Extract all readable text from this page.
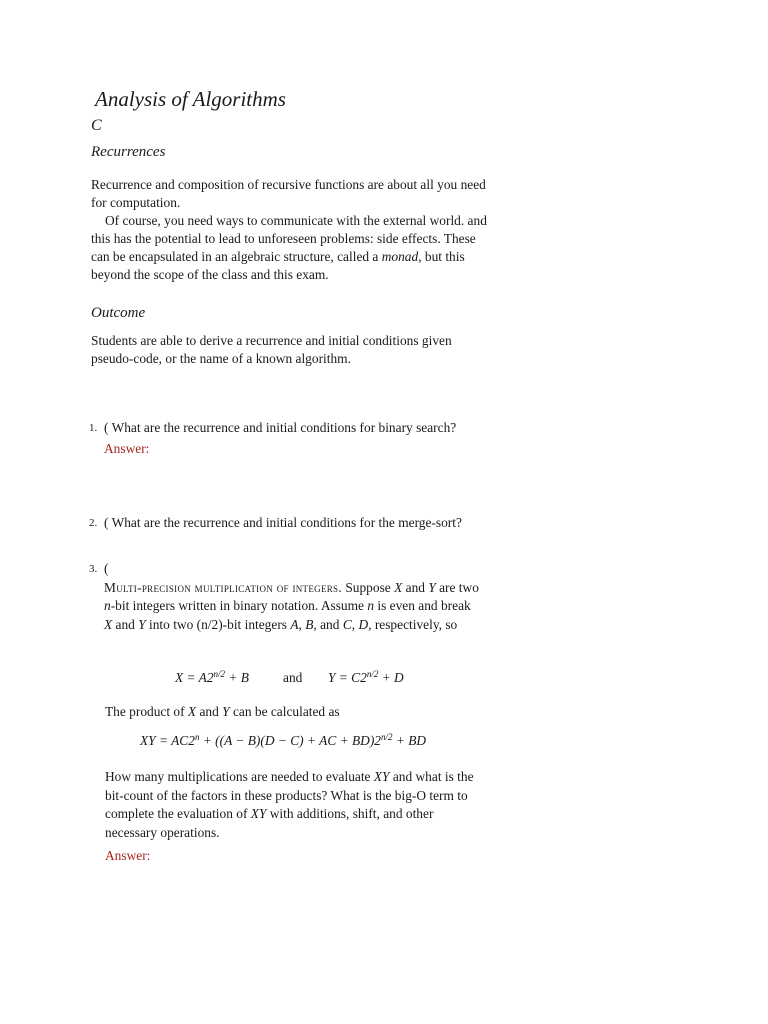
Analysis of Algorithms
C
Recurrences

Recurrence and composition of recursive functions are about all you need for computation.

Of course, you need ways to communicate with the external world. and this has the potential to lead to unforeseen problems: side effects. These can be encapsulated in an algebraic structure, called a monad, but this beyond the scope of the class and this exam.

Outcome
Students are able to derive a recurrence and initial conditions given pseudo-code, or the name of a known algorithm.
1. ( What are the recurrence and initial conditions for binary search?
Answer:
2. ( What are the recurrence and initial conditions for the merge-sort?
3. (
Multi-precision multiplication of integers. Suppose X and Y are two n-bit integers written in binary notation. Assume n is even and break X and Y into two (n/2)-bit integers A, B, and C, D, respectively, so
$X = A2^{n/2} + B$	and $Y = C2^{n/2} + D$
The product of X and Y can be calculated as
XY = $AC2^n + ((A - B)(D - C)$ + AC + $BD)2^{n/2}$ + BD
How many multiplications are needed to evaluate XY and what is the bit-count of the factors in these products? What is the big-O term to complete the evaluation of XY with additions, shift, and other necessary operations.
Answer:
